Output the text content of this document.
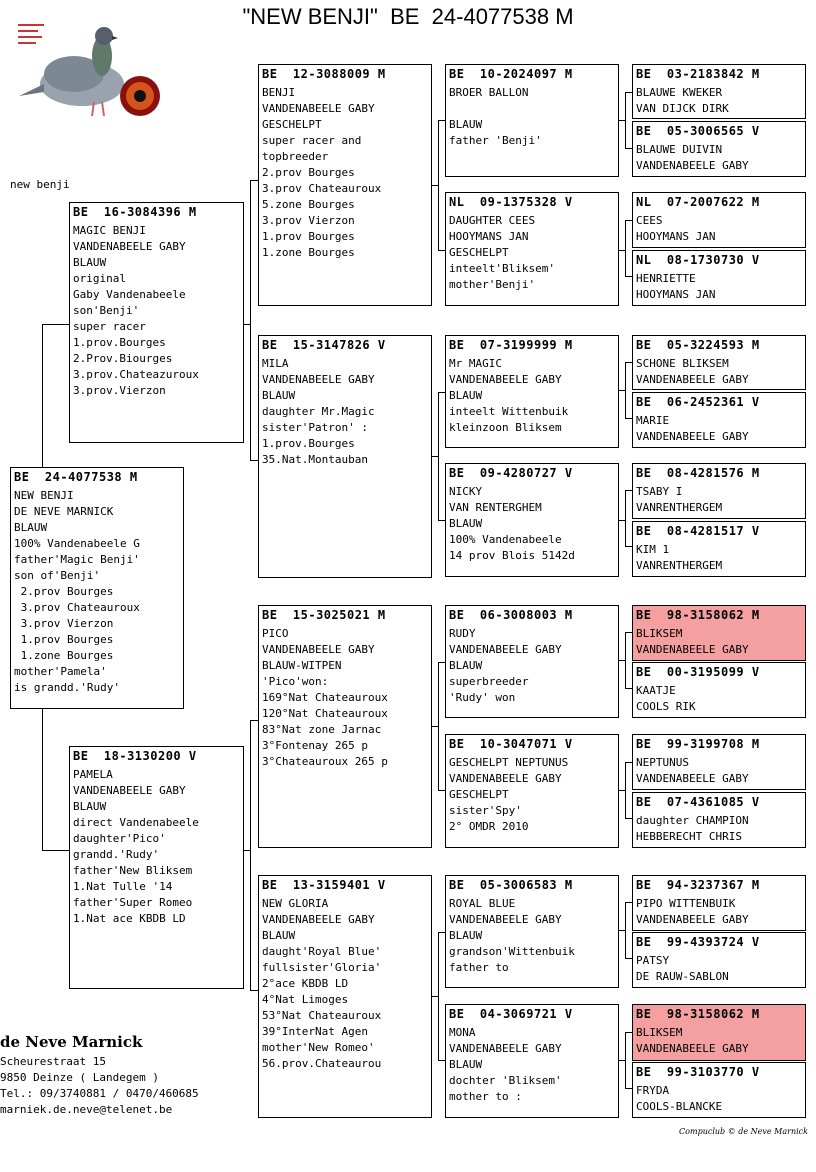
"NEW BENJI"  BE  24-4077538 M
new benji
BE  24-4077538 M
NEW BENJI
DE NEVE MARNICK
BLAUW
100% Vandenabeele G
father'Magic Benji'
son of'Benji'
2.prov Bourges
3.prov Chateauroux
3.prov Vierzon
1.prov Bourges
1.zone Bourges
mother'Pamela'
is grandd.'Rudy'
BE  16-3084396 M
MAGIC BENJI
VANDENABEELE GABY
BLAUW
original
Gaby Vandenabeele
son'Benji'
super racer
1.prov.Bourges
2.Prov.Biourges
3.prov.Chateazuroux
3.prov.Vierzon
BE  18-3130200 V
PAMELA
VANDENABEELE GABY
BLAUW
direct Vandenabeele
daughter'Pico'
grandd.'Rudy'
father'New Bliksem
1.Nat Tulle '14
father'Super Romeo
1.Nat ace KBDB LD
BE  12-3088009 M
BENJI
VANDENABEELE GABY
GESCHELPT
super racer and
topbreeder
2.prov Bourges
3.prov Chateauroux
5.zone Bourges
3.prov Vierzon
1.prov Bourges
1.zone Bourges
BE  15-3147826 V
MILA
VANDENABEELE GABY
BLAUW
daughter Mr.Magic
sister'Patron' :
1.prov.Bourges
35.Nat.Montauban
BE  15-3025021 M
PICO
VANDENABEELE GABY
BLAUW-WITPEN
'Pico'won:
169°Nat Chateauroux
120°Nat Chateauroux
83°Nat zone Jarnac
3°Fontenay 265 p
3°Chateauroux 265 p
BE  13-3159401 V
NEW GLORIA
VANDENABEELE GABY
BLAUW
daught'Royal Blue'
fullsister'Gloria'
2°ace KBDB LD
4°Nat Limoges
53°Nat Chateauroux
39°InterNat Agen
mother'New Romeo'
56.prov.Chateaurou
BE  10-2024097 M
BROER BALLON

BLAUW
father 'Benji'
NL  09-1375328 V
DAUGHTER CEES
HOOYMANS JAN
GESCHELPT
inteelt'Bliksem'
mother'Benji'
BE  07-3199999 M
Mr MAGIC
VANDENABEELE GABY
BLAUW
inteelt Wittenbuik
kleinzoon Bliksem
BE  09-4280727 V
NICKY
VAN RENTERGHEM
BLAUW
100% Vandenabeele
14 prov Blois 5142d
BE  06-3008003 M
RUDY
VANDENABEELE GABY
BLAUW
superbreeder
'Rudy' won
BE  10-3047071 V
GESCHELPT NEPTUNUS
VANDENABEELE GABY
GESCHELPT
sister'Spy'
2° OMDR 2010
BE  05-3006583 M
ROYAL BLUE
VANDENABEELE GABY
BLAUW
grandson'Wittenbuik
father to
BE  04-3069721 V
MONA
VANDENABEELE GABY
BLAUW
dochter 'Bliksem'
mother to :
BE  03-2183842 M
BLAUWE KWEKER
VAN DIJCK DIRK
BE  05-3006565 V
BLAUWE DUIVIN
VANDENABEELE GABY
NL  07-2007622 M
CEES
HOOYMANS JAN
NL  08-1730730 V
HENRIETTE
HOOYMANS JAN
BE  05-3224593 M
SCHONE BLIKSEM
VANDENABEELE GABY
BE  06-2452361 V
MARIE
VANDENABEELE GABY
BE  08-4281576 M
TSABY I
VANRENTHERGEM
BE  08-4281517 V
KIM 1
VANRENTHERGEM
BE  98-3158062 M
BLIKSEM
VANDENABEELE GABY
BE  00-3195099 V
KAATJE
COOLS RIK
BE  99-3199708 M
NEPTUNUS
VANDENABEELE GABY
BE  07-4361085 V
daughter CHAMPION
HEBBERECHT CHRIS
BE  94-3237367 M
PIPO WITTENBUIK
VANDENABEELE GABY
BE  99-4393724 V
PATSY
DE RAUW-SABLON
BE  98-3158062 M
BLIKSEM
VANDENABEELE GABY
BE  99-3103770 V
FRYDA
COOLS-BLANCKE
de Neve Marnick
Scheurestraat 15
9850 Deinze ( Landegem )
Tel.: 09/3740881 / 0470/460685
marniek.de.neve@telenet.be
Compuclub © de Neve Marnick
